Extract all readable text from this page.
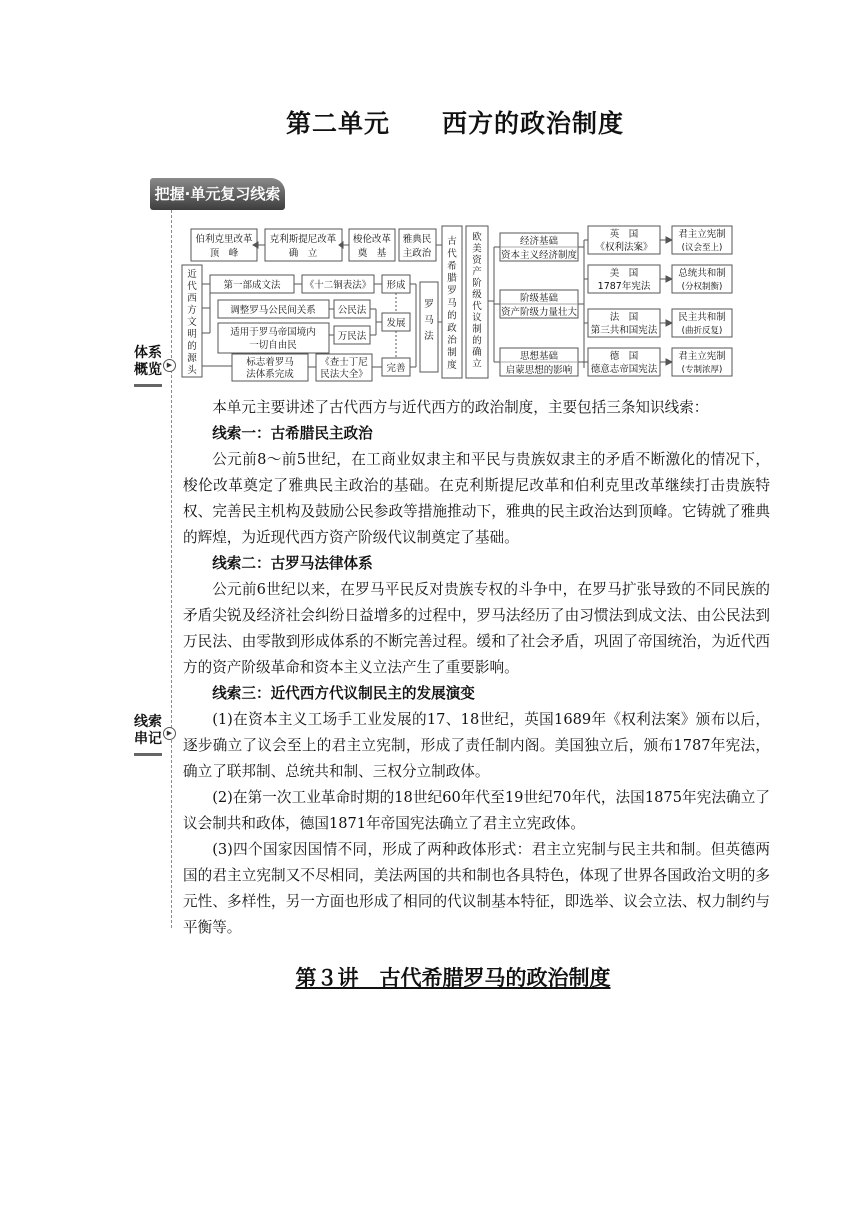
第二单元　　西方的政治制度
把握·单元复习线索
体系
概览 ▶
线索
串记 ▶
伯利克里改革
顶　峰
克利斯提尼改革
确　立
梭伦改革
奠　基
雅典民
主政治
近
代
西
方
文
明
的
源
头
古
代
希
腊
罗
马
的
政
治
制
度
欧
美
资
产
阶
级
代
议
制
的
确
立
罗
马
法
第一部成文法	《十二铜表法》 形成
调整罗马公民间关系 公民法
适用于罗马帝国境内
一切自由民
万民法
发展
标志着罗马
法体系完成
《查士丁尼
民法大全》
完善
经济基础
资本主义经济制度
阶级基础
资产阶级力量壮大
思想基础
启蒙思想的影响
英　国
《权利法案》
美　国
1787年宪法
法　国
第三共和国宪法
德　国
德意志帝国宪法
君主立宪制
(议会至上)
总统共和制
(分权制衡)
民主共和制
(曲折反复)
君主立宪制
(专制浓厚)

本单元主要讲述了古代西方与近代西方的政治制度，主要包括三条知识线索：

线索一：古希腊民主政治

公元前8～前5世纪，在工商业奴隶主和平民与贵族奴隶主的矛盾不断激化的情况下，梭伦改革奠定了雅典民主政治的基础。在克利斯提尼改革和伯利克里改革继续打击贵族特权、完善民主机构及鼓励公民参政等措施推动下，雅典的民主政治达到顶峰。它铸就了雅典的辉煌，为近现代西方资产阶级代议制奠定了基础。

线索二：古罗马法律体系

公元前6世纪以来，在罗马平民反对贵族专权的斗争中，在罗马扩张导致的不同民族的矛盾尖锐及经济社会纠纷日益增多的过程中，罗马法经历了由习惯法到成文法、由公民法到万民法、由零散到形成体系的不断完善过程。缓和了社会矛盾，巩固了帝国统治，为近代西方的资产阶级革命和资本主义立法产生了重要影响。

线索三：近代西方代议制民主的发展演变

(1)在资本主义工场手工业发展的17、18世纪，英国1689年《权利法案》颁布以后，逐步确立了议会至上的君主立宪制，形成了责任制内阁。美国独立后，颁布1787年宪法，确立了联邦制、总统共和制、三权分立制政体。

(2)在第一次工业革命时期的18世纪60年代至19世纪70年代，法国1875年宪法确立了议会制共和政体，德国1871年帝国宪法确立了君主立宪政体。

(3)四个国家因国情不同，形成了两种政体形式：君主立宪制与民主共和制。但英德两国的君主立宪制又不尽相同，美法两国的共和制也各具特色，体现了世界各国政治文明的多元性、多样性，另一方面也形成了相同的代议制基本特征，即选举、议会立法、权力制约与平衡等。

第３讲　古代希腊罗马的政治制度
